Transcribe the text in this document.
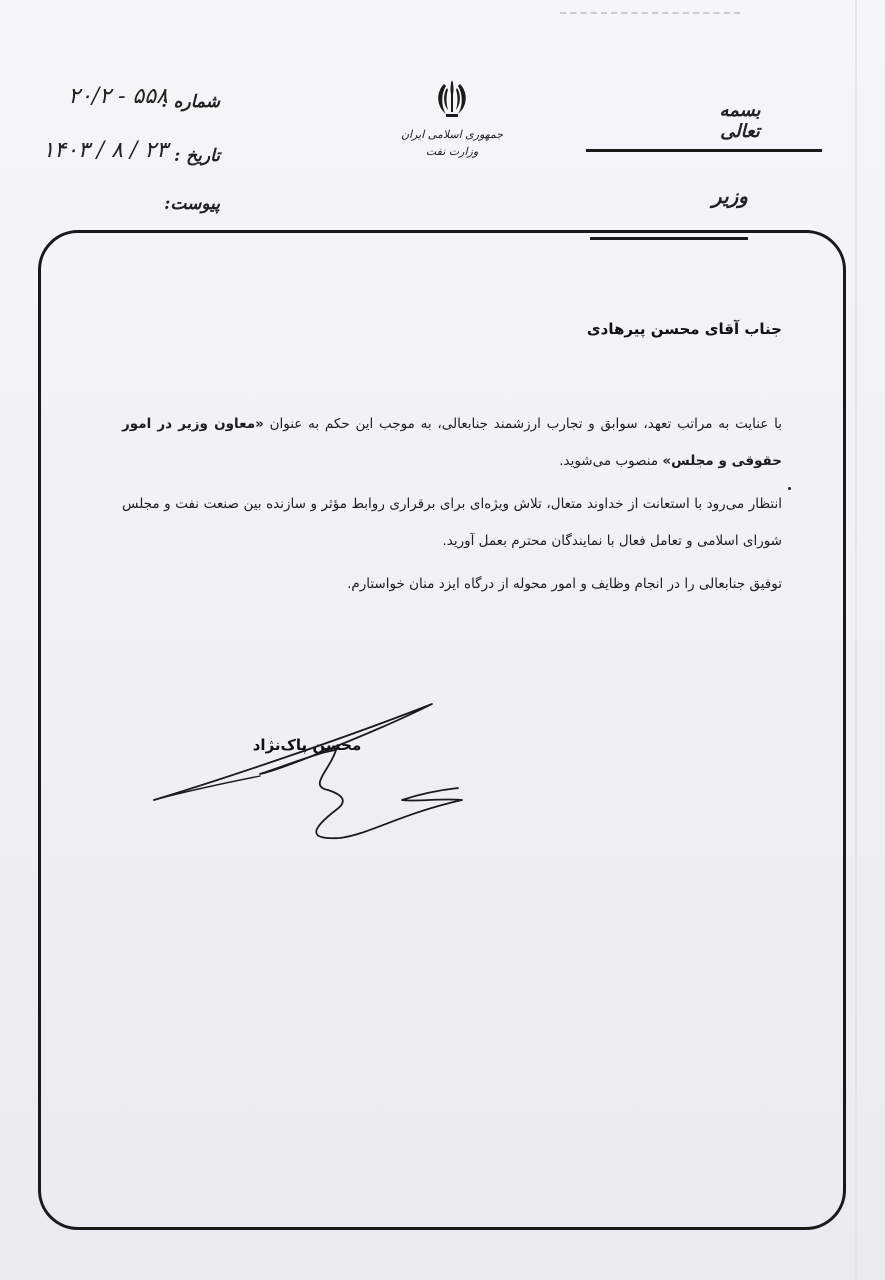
بسمه تعالی
وزیر
جمهوری اسلامی ایران
وزارت نفت
شماره :
۲۰/۲ - ۵۵۸
تاریخ :
۱۴۰۳ / ۸ / ۲۳
پیوست:
جناب آقای محسن پیرهادی

با عنایت به مراتب تعهد، سوابق و تجارب ارزشمند جنابعالی، به موجب این حکم به عنوان «معاون وزیر در امور حقوقی و مجلس» منصوب می‌شوید.

انتظار می‌رود با استعانت از خداوند متعال، تلاش ویژه‌ای برای برقراری روابط مؤثر و سازنده بین صنعت نفت و مجلس شورای اسلامی و تعامل فعال با نمایندگان محترم بعمل آورید.

توفیق جنابعالی را در انجام وظایف و امور محوله از درگاه ایزد منان خواستارم.

محسن پاک‌نژاد
